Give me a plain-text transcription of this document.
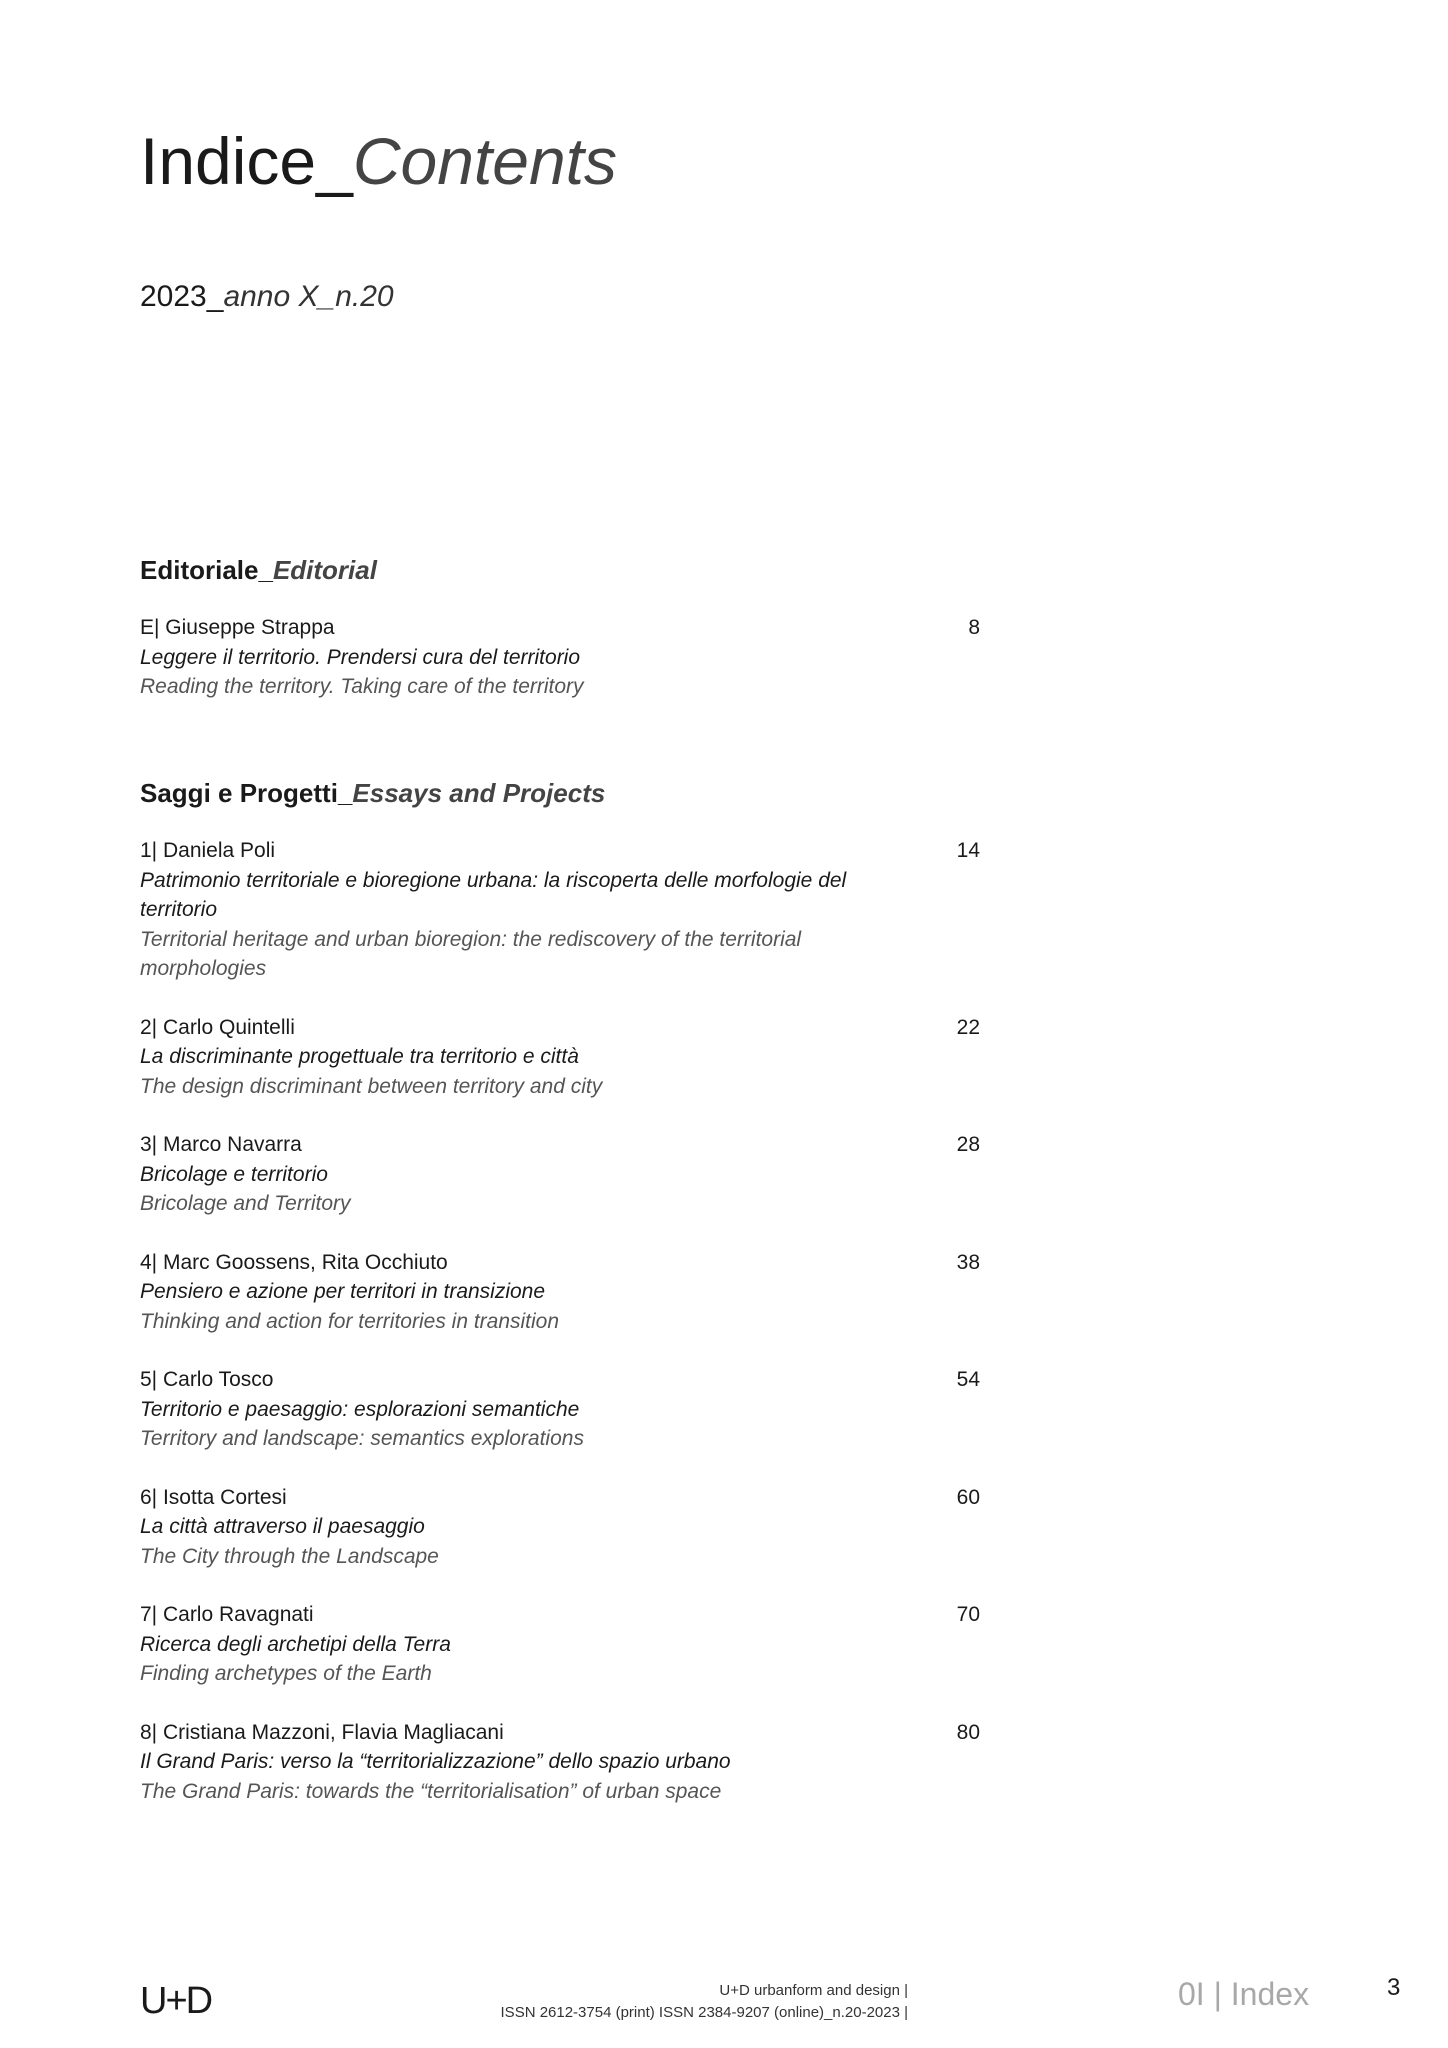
Indice_Contents
2023_anno X_n.20
Editoriale_Editorial
E| Giuseppe Strappa
Leggere il territorio. Prendersi cura del territorio
Reading the territory. Taking care of the territory
8
Saggi e Progetti_Essays and Projects
1| Daniela Poli
Patrimonio territoriale e bioregione urbana: la riscoperta delle morfologie del territorio
Territorial heritage and urban bioregion: the rediscovery of the territorial morphologies
14
2| Carlo Quintelli
La discriminante progettuale tra territorio e città
The design discriminant between territory and city
22
3| Marco Navarra
Bricolage e territorio
Bricolage and Territory
28
4| Marc Goossens, Rita Occhiuto
Pensiero e azione per territori in transizione
Thinking and action for territories in transition
38
5| Carlo Tosco
Territorio e paesaggio: esplorazioni semantiche
Territory and landscape: semantics explorations
54
6| Isotta Cortesi
La città attraverso il paesaggio
The City through the Landscape
60
7| Carlo Ravagnati
Ricerca degli archetipi della Terra
Finding archetypes of the Earth
70
8| Cristiana Mazzoni, Flavia Magliacani
Il Grand Paris: verso la “territorializzazione” dello spazio urbano
The Grand Paris: towards the “territorialisation” of urban space
80
U+D	U+D urbanform and design |
ISSN 2612-3754 (print) ISSN 2384-9207 (online)_n.20-2023 |
0I | Index	3
